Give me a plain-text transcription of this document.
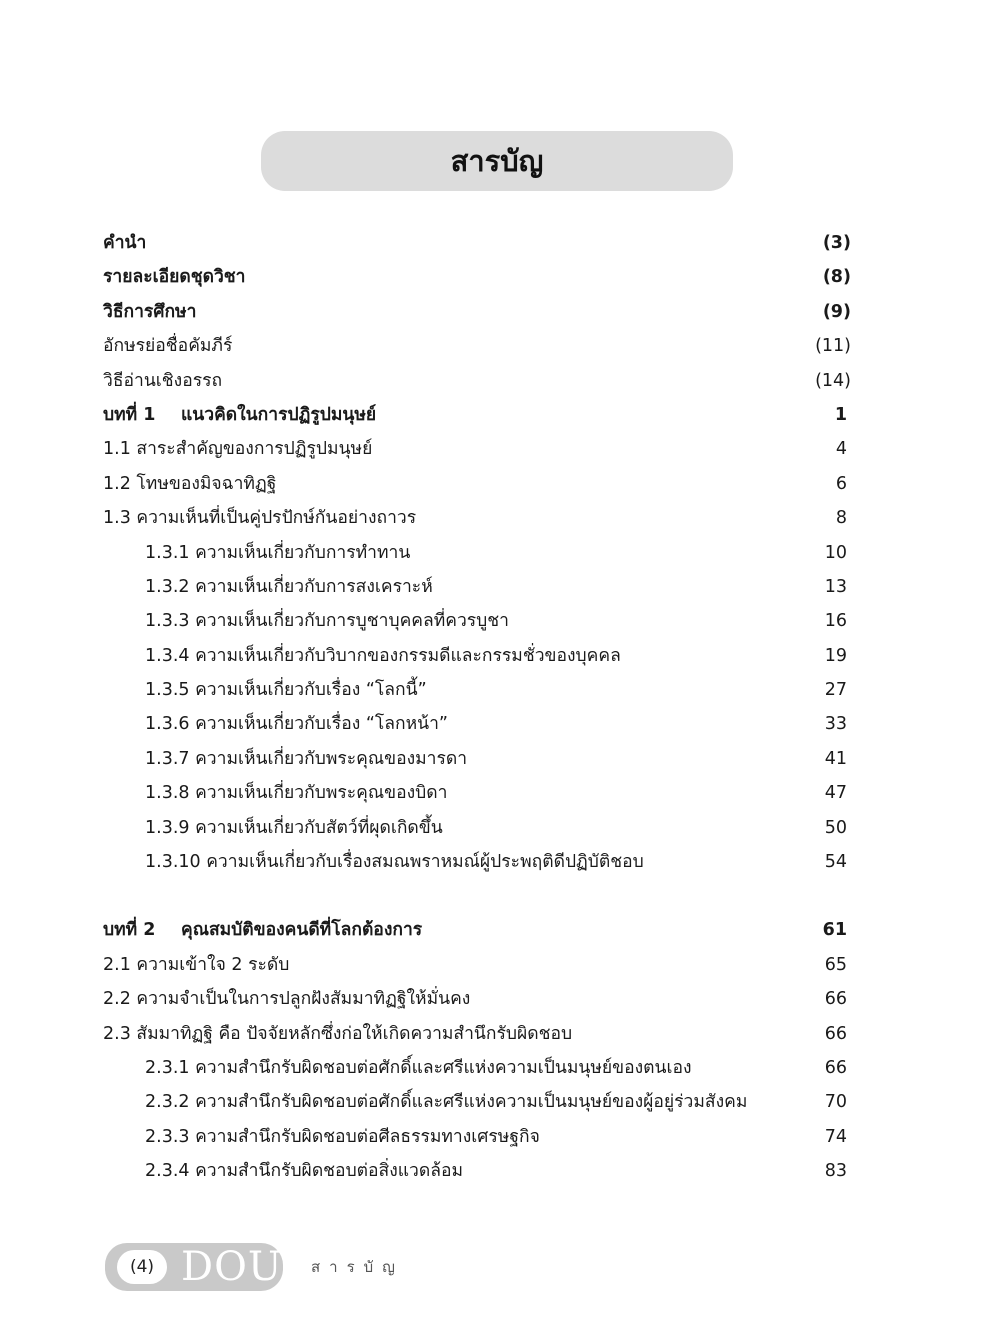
สารบัญ
คำนำ	(3)
รายละเอียดชุดวิชา	(8)
วิธีการศึกษา	(9)
อักษรย่อชื่อคัมภีร์	(11)
วิธีอ่านเชิงอรรถ	(14)
บทที่ 1	แนวคิดในการปฏิรูปมนุษย์	1
1.1 สาระสำคัญของการปฏิรูปมนุษย์	4
1.2 โทษของมิจฉาทิฏฐิ	6
1.3 ความเห็นที่เป็นคู่ปรปักษ์กันอย่างถาวร	8
1.3.1 ความเห็นเกี่ยวกับการทำทาน	10
1.3.2 ความเห็นเกี่ยวกับการสงเคราะห์	13
1.3.3 ความเห็นเกี่ยวกับการบูชาบุคคลที่ควรบูชา	16
1.3.4 ความเห็นเกี่ยวกับวิบากของกรรมดีและกรรมชั่วของบุคคล	19
1.3.5 ความเห็นเกี่ยวกับเรื่อง “โลกนี้”	27
1.3.6 ความเห็นเกี่ยวกับเรื่อง “โลกหน้า”	33
1.3.7 ความเห็นเกี่ยวกับพระคุณของมารดา	41
1.3.8 ความเห็นเกี่ยวกับพระคุณของบิดา	47
1.3.9 ความเห็นเกี่ยวกับสัตว์ที่ผุดเกิดขึ้น	50
1.3.10 ความเห็นเกี่ยวกับเรื่องสมณพราหมณ์ผู้ประพฤติดีปฏิบัติชอบ	54
บทที่ 2	คุณสมบัติของคนดีที่โลกต้องการ	61
2.1 ความเข้าใจ 2 ระดับ	65
2.2 ความจำเป็นในการปลูกฝังสัมมาทิฏฐิให้มั่นคง	66
2.3 สัมมาทิฏฐิ คือ ปัจจัยหลักซึ่งก่อให้เกิดความสำนึกรับผิดชอบ	66
2.3.1 ความสำนึกรับผิดชอบต่อศักดิ์และศรีแห่งความเป็นมนุษย์ของตนเอง	66
2.3.2 ความสำนึกรับผิดชอบต่อศักดิ์และศรีแห่งความเป็นมนุษย์ของผู้อยู่ร่วมสังคม	70
2.3.3 ความสำนึกรับผิดชอบต่อศีลธรรมทางเศรษฐกิจ	74
2.3.4 ความสำนึกรับผิดชอบต่อสิ่งแวดล้อม	83
(4) DOU สารบัญ
